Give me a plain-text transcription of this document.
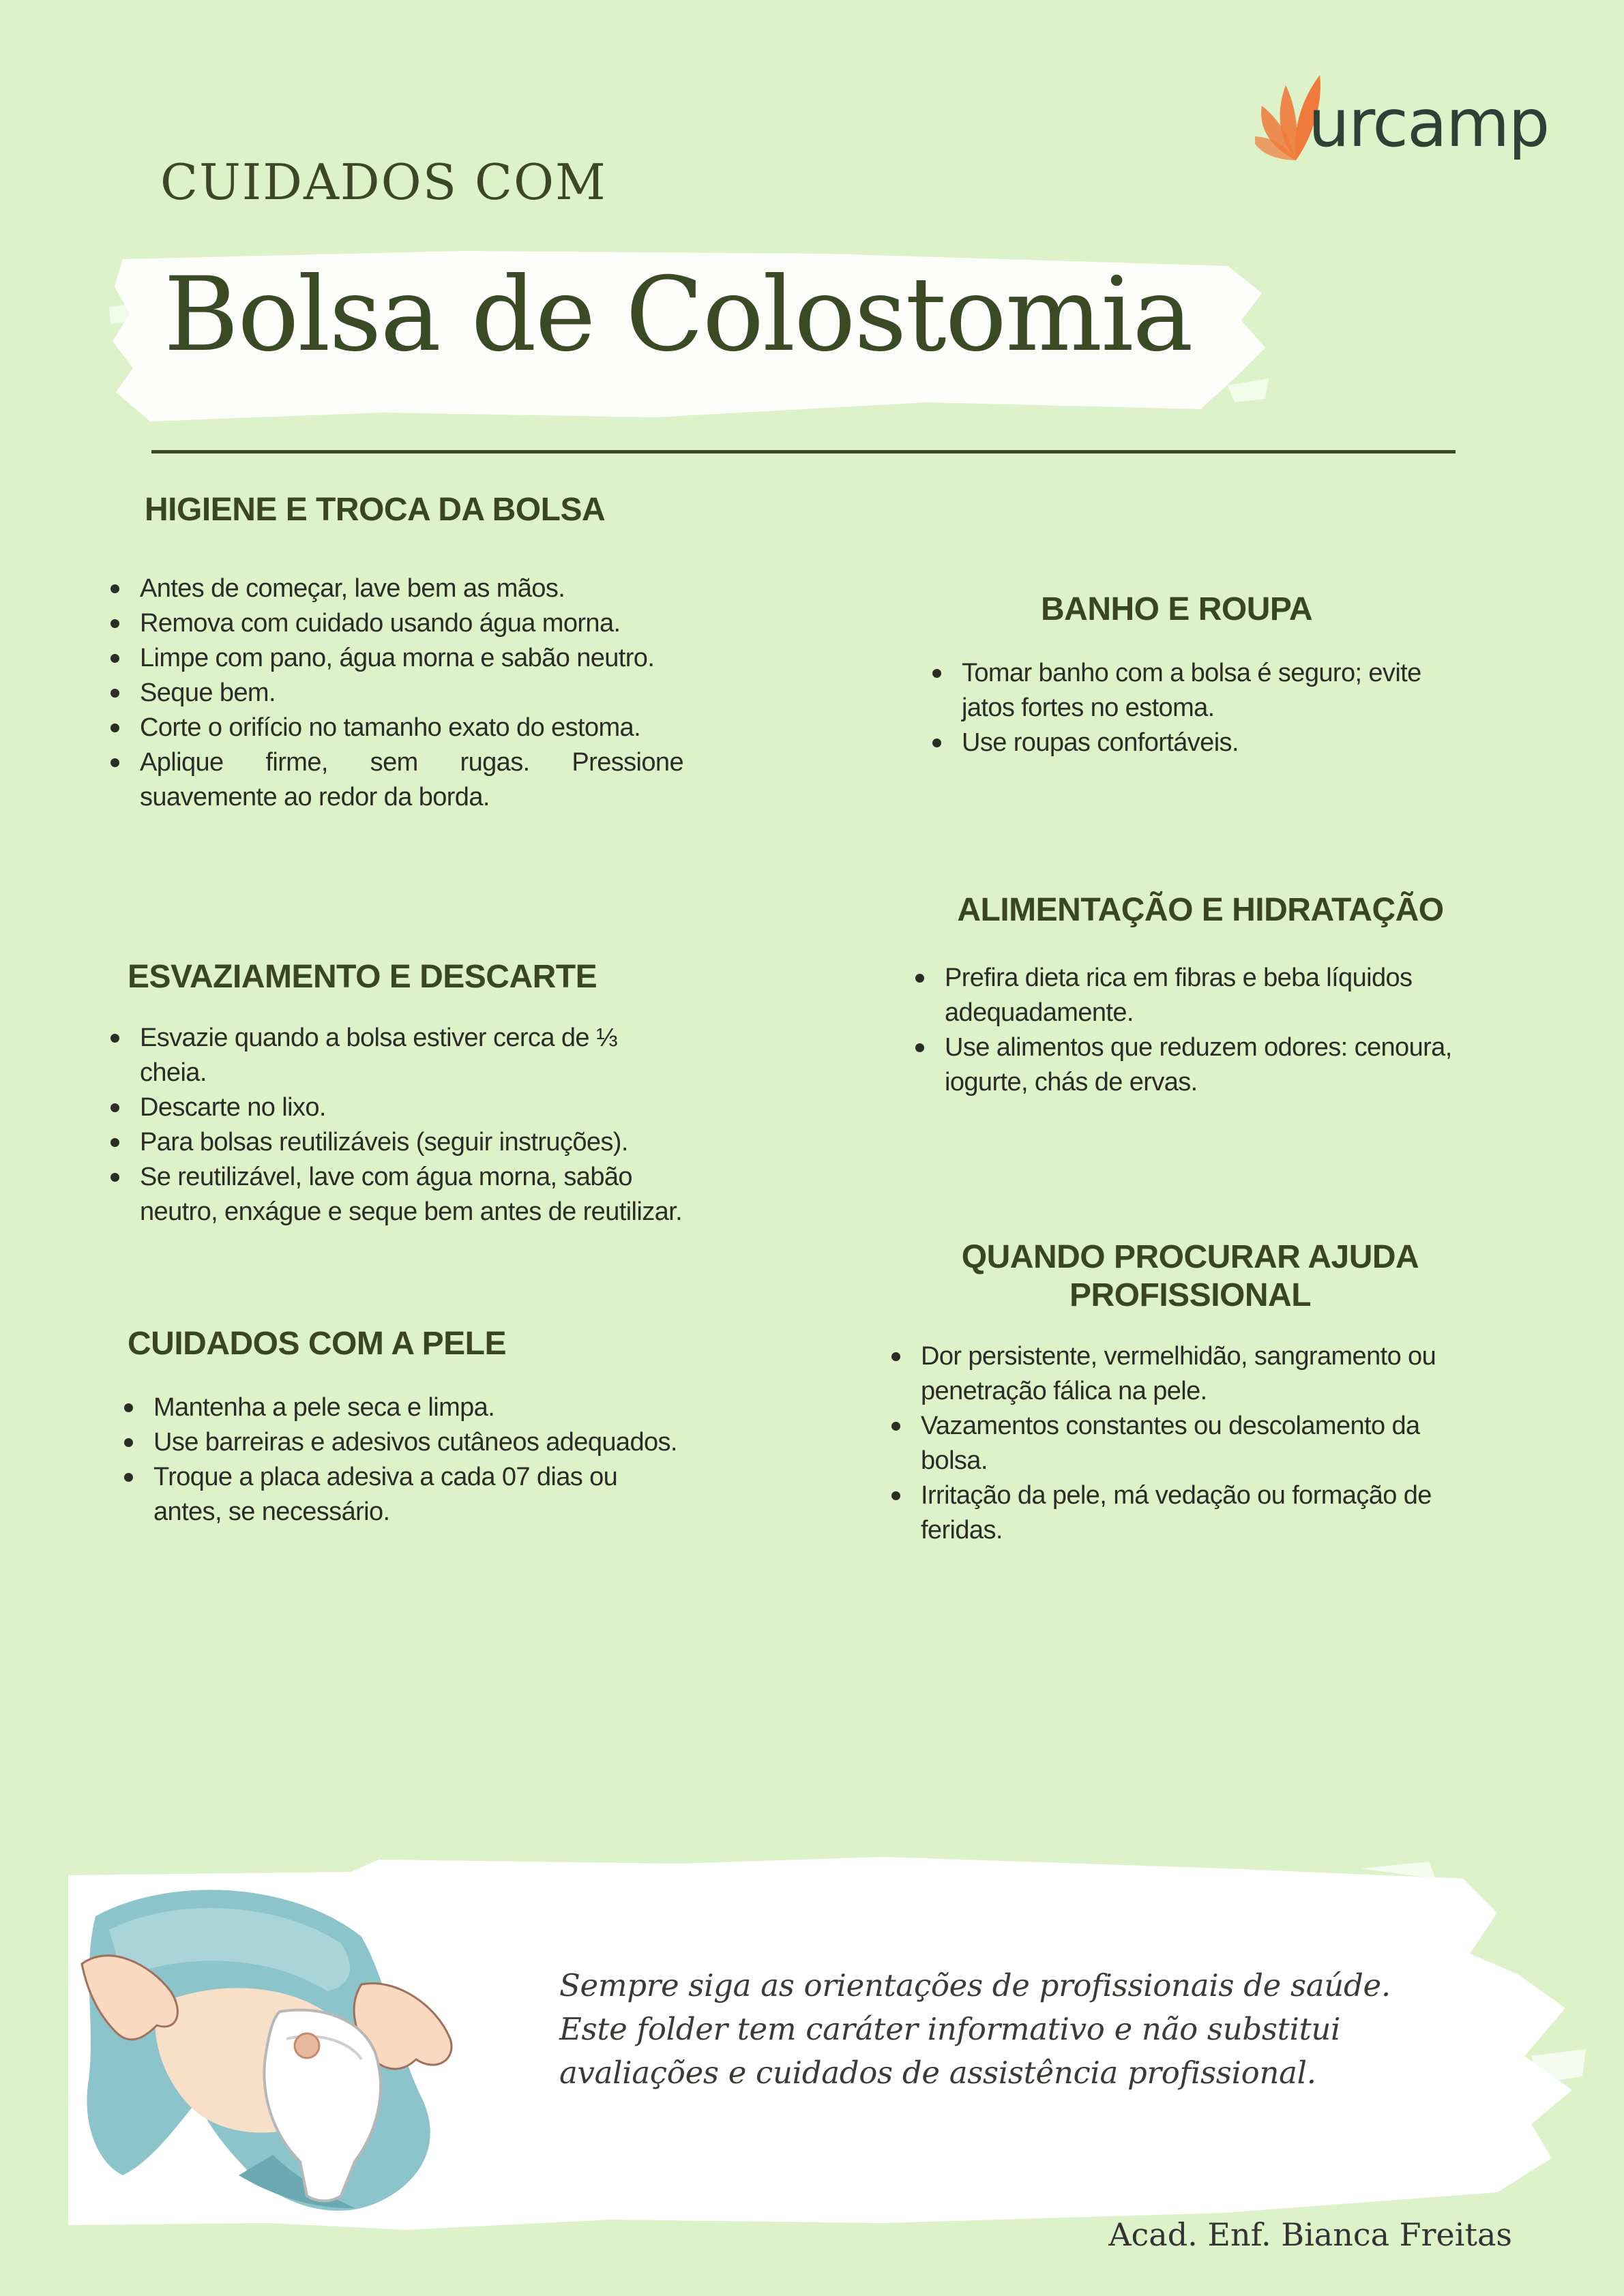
urcamp
CUIDADOS COM
Bolsa de Colostomia
HIGIENE E TROCA DA BOLSA
Antes de começar, lave bem as mãos.
Remova com cuidado usando água morna.
Limpe com pano, água morna e sabão neutro.
Seque bem.
Corte o orifício no tamanho exato do estoma.
Aplique firme, sem rugas. Pressione suavemente ao redor da borda.
ESVAZIAMENTO E DESCARTE
Esvazie quando a bolsa estiver cerca de ⅓ cheia.
Descarte no lixo.
Para bolsas reutilizáveis (seguir instruções).
Se reutilizável, lave com água morna, sabão neutro, enxágue e seque bem antes de reutilizar.
CUIDADOS COM A PELE
Mantenha a pele seca e limpa.
Use barreiras e adesivos cutâneos adequados.
Troque a placa adesiva a cada 07 dias ou antes, se necessário.
BANHO E ROUPA
Tomar banho com a bolsa é seguro; evite jatos fortes no estoma.
Use roupas confortáveis.
ALIMENTAÇÃO E HIDRATAÇÃO
Prefira dieta rica em fibras e beba líquidos adequadamente.
Use alimentos que reduzem odores: cenoura, iogurte, chás de ervas.
QUANDO PROCURAR AJUDA
PROFISSIONAL
Dor persistente, vermelhidão, sangramento ou penetração fálica na pele.
Vazamentos constantes ou descolamento da bolsa.
Irritação da pele, má vedação ou formação de feridas.
Sempre siga as orientações de profissionais de saúde.
Este folder tem caráter informativo e não substitui
avaliações e cuidados de assistência profissional.
Acad. Enf. Bianca Freitas
